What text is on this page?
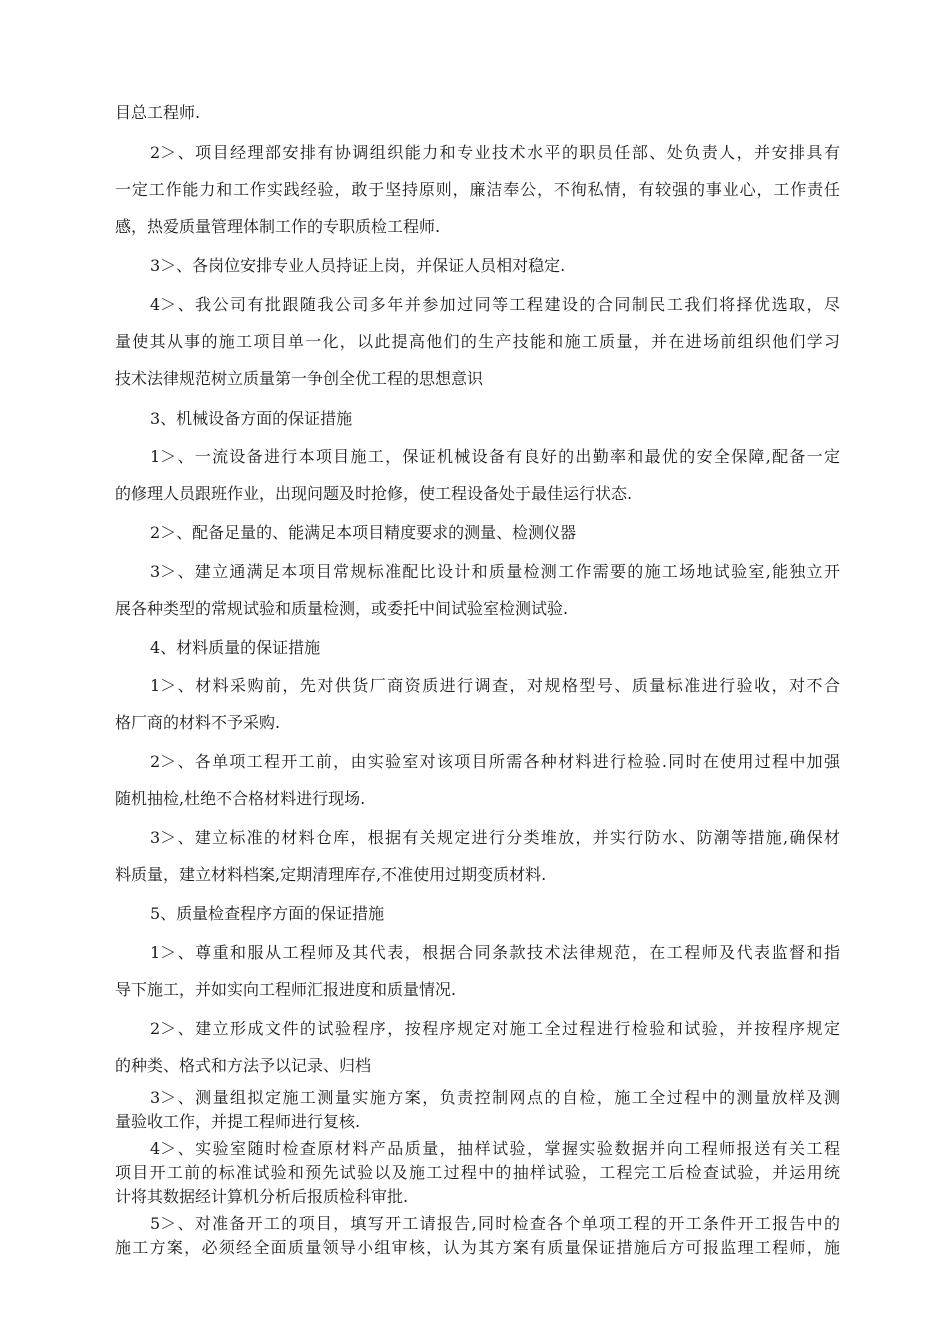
目总工程师.
2＞、项目经理部安排有协调组织能力和专业技术水平的职员任部、处负责人，并安排具有
一定工作能力和工作实践经验，敢于坚持原则，廉洁奉公，不徇私情，有较强的事业心，工作责任
感，热爱质量管理体制工作的专职质检工程师.
3＞、各岗位安排专业人员持证上岗，并保证人员相对稳定.
4＞、我公司有批跟随我公司多年并参加过同等工程建设的合同制民工我们将择优选取，尽
量使其从事的施工项目单一化，以此提高他们的生产技能和施工质量，并在进场前组织他们学习
技术法律规范树立质量第一争创全优工程的思想意识
3、机械设备方面的保证措施
1＞、一流设备进行本项目施工，保证机械设备有良好的出勤率和最优的安全保障,配备一定
的修理人员跟班作业，出现问题及时抢修，使工程设备处于最佳运行状态.
2＞、配备足量的、能满足本项目精度要求的测量、检测仪器
3＞、建立通满足本项目常规标准配比设计和质量检测工作需要的施工场地试验室,能独立开
展各种类型的常规试验和质量检测，或委托中间试验室检测试验.
4、材料质量的保证措施
1＞、材料采购前，先对供货厂商资质进行调查，对规格型号、质量标准进行验收，对不合
格厂商的材料不予采购.
2＞、各单项工程开工前，由实验室对该项目所需各种材料进行检验.同时在使用过程中加强
随机抽检,杜绝不合格材料进行现场.
3＞、建立标准的材料仓库，根据有关规定进行分类堆放，并实行防水、防潮等措施,确保材
料质量，建立材料档案,定期清理库存,不准使用过期变质材料.
5、质量检查程序方面的保证措施
1＞、尊重和服从工程师及其代表，根据合同条款技术法律规范，在工程师及代表监督和指
导下施工，并如实向工程师汇报进度和质量情况.
2＞、建立形成文件的试验程序，按程序规定对施工全过程进行检验和试验，并按程序规定
的种类、格式和方法予以记录、归档
3＞、测量组拟定施工测量实施方案，负责控制网点的自检，施工全过程中的测量放样及测
量验收工作，并提工程师进行复核.
4＞、实验室随时检查原材料产品质量，抽样试验，掌握实验数据并向工程师报送有关工程
项目开工前的标准试验和预先试验以及施工过程中的抽样试验，工程完工后检查试验，并运用统
计将其数据经计算机分析后报质检科审批.
5＞、对准备开工的项目，填写开工请报告,同时检查各个单项工程的开工条件开工报告中的
施工方案，必须经全面质量领导小组审核，认为其方案有质量保证措施后方可报监理工程师，施
